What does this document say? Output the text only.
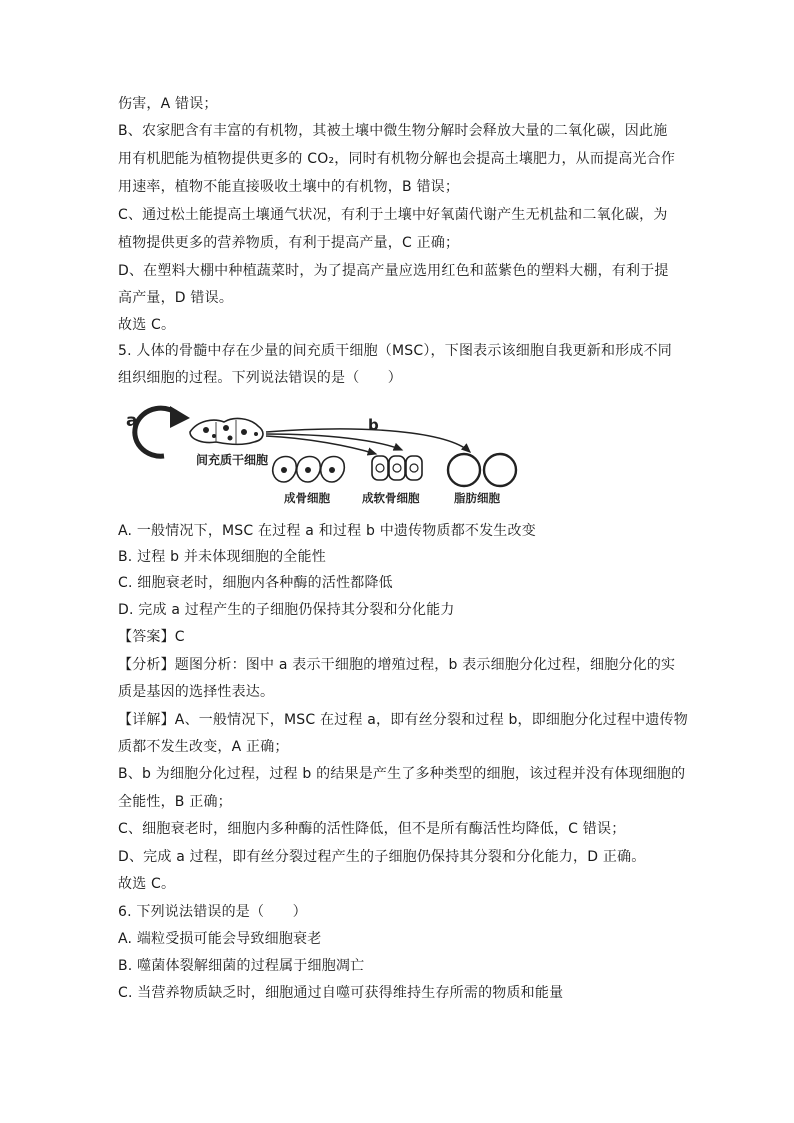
伤害，A 错误；

B、农家肥含有丰富的有机物，其被土壤中微生物分解时会释放大量的二氧化碳，因此施

用有机肥能为植物提供更多的 CO₂，同时有机物分解也会提高土壤肥力，从而提高光合作

用速率，植物不能直接吸收土壤中的有机物，B 错误；

C、通过松土能提高土壤通气状况，有利于土壤中好氧菌代谢产生无机盐和二氧化碳，为

植物提供更多的营养物质，有利于提高产量，C 正确；

D、在塑料大棚中种植蔬菜时，为了提高产量应选用红色和蓝紫色的塑料大棚，有利于提

高产量，D 错误。

故选 C。

5. 人体的骨髓中存在少量的间充质干细胞（MSC），下图表示该细胞自我更新和形成不同

组织细胞的过程。下列说法错误的是（　　）

a
间充质干细胞
b
成骨细胞	成软骨细胞	脂肪细胞

A. 一般情况下，MSC 在过程 a 和过程 b 中遗传物质都不发生改变

B. 过程 b 并未体现细胞的全能性

C. 细胞衰老时，细胞内各种酶的活性都降低

D. 完成 a 过程产生的子细胞仍保持其分裂和分化能力

【答案】C

【分析】题图分析：图中 a 表示干细胞的增殖过程，b 表示细胞分化过程，细胞分化的实

质是基因的选择性表达。

【详解】A、一般情况下，MSC 在过程 a，即有丝分裂和过程 b，即细胞分化过程中遗传物

质都不发生改变，A 正确；

B、b 为细胞分化过程，过程 b 的结果是产生了多种类型的细胞，该过程并没有体现细胞的

全能性，B 正确；

C、细胞衰老时，细胞内多种酶的活性降低，但不是所有酶活性均降低，C 错误；

D、完成 a 过程，即有丝分裂过程产生的子细胞仍保持其分裂和分化能力，D 正确。

故选 C。

6. 下列说法错误的是（　　）

A. 端粒受损可能会导致细胞衰老

B. 噬菌体裂解细菌的过程属于细胞凋亡

C. 当营养物质缺乏时，细胞通过自噬可获得维持生存所需的物质和能量
